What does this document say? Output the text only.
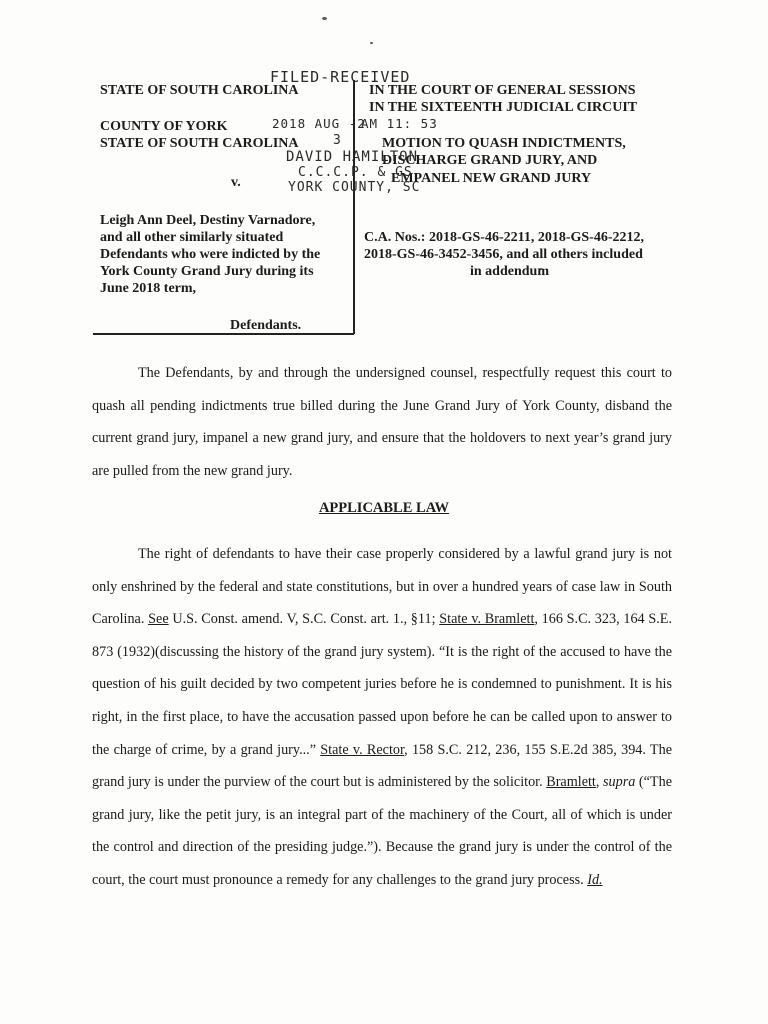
STATE OF SOUTH CAROLINA
COUNTY OF YORK
STATE OF SOUTH CAROLINA
v.
Leigh Ann Deel, Destiny Varnadore,
and all other similarly situated
Defendants who were indicted by the
York County Grand Jury during its
June 2018 term,
Defendants.
IN THE COURT OF GENERAL SESSIONS
IN THE SIXTEENTH JUDICIAL CIRCUIT
MOTION TO QUASH INDICTMENTS,
DISCHARGE GRAND JURY, AND
EMPANEL NEW GRAND JURY
C.A. Nos.: 2018-GS-46-2211, 2018-GS-46-2212,
2018-GS-46-3452-3456, and all others included
in addendum
FILED-RECEIVED
2018 AUG -2
AM 11: 53
3
DAVID HAMILTON
C.C.C.P. & GS
YORK COUNTY, SC

The Defendants, by and through the undersigned counsel, respectfully request this court to quash all pending indictments true billed during the June Grand Jury of York County, disband the current grand jury, impanel a new grand jury, and ensure that the holdovers to next year’s grand jury are pulled from the new grand jury.

APPLICABLE LAW

The right of defendants to have their case properly considered by a lawful grand jury is not only enshrined by the federal and state constitutions, but in over a hundred years of case law in South Carolina. See U.S. Const. amend. V, S.C. Const. art. 1., §11; State v. Bramlett, 166 S.C. 323, 164 S.E. 873 (1932)(discussing the history of the grand jury system). “It is the right of the accused to have the question of his guilt decided by two competent juries before he is condemned to punishment. It is his right, in the first place, to have the accusation passed upon before he can be called upon to answer to the charge of crime, by a grand jury...” State v. Rector, 158 S.C. 212, 236, 155 S.E.2d 385, 394. The grand jury is under the purview of the court but is administered by the solicitor. Bramlett, supra (“The grand jury, like the petit jury, is an integral part of the machinery of the Court, all of which is under the control and direction of the presiding judge.”). Because the grand jury is under the control of the court, the court must pronounce a remedy for any challenges to the grand jury process. Id.
